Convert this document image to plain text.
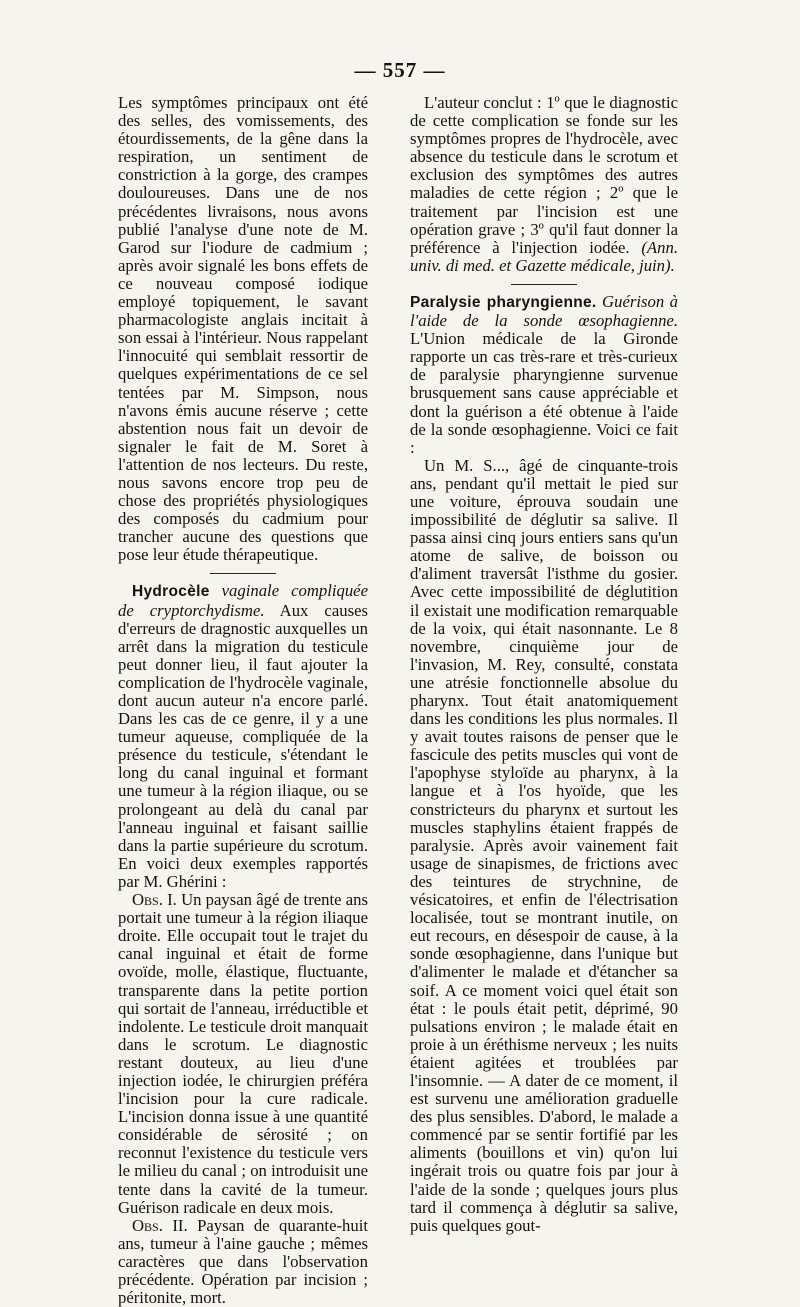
— 557 —

Les symptômes principaux ont été des selles, des vomissements, des étourdissements, de la gêne dans la respiration, un sentiment de constriction à la gorge, des crampes douloureuses. Dans une de nos précédentes livraisons, nous avons publié l'analyse d'une note de M. Garod sur l'iodure de cadmium ; après avoir signalé les bons effets de ce nouveau composé iodique employé topiquement, le savant pharmacologiste anglais incitait à son essai à l'intérieur. Nous rappelant l'innocuité qui semblait ressortir de quelques expérimentations de ce sel tentées par M. Simpson, nous n'avons émis aucune réserve ; cette abstention nous fait un devoir de signaler le fait de M. Soret à l'attention de nos lecteurs. Du reste, nous savons encore trop peu de chose des propriétés physiologiques des composés du cadmium pour trancher aucune des questions que pose leur étude thérapeutique.

Hydrocèle vaginale compliquée de cryptorchydisme. Aux causes d'erreurs de dragnostic auxquelles un arrêt dans la migration du testicule peut donner lieu, il faut ajouter la complication de l'hydrocèle vaginale, dont aucun auteur n'a encore parlé. Dans les cas de ce genre, il y a une tumeur aqueuse, compliquée de la présence du testicule, s'étendant le long du canal inguinal et formant une tumeur à la région iliaque, ou se prolongeant au delà du canal par l'anneau inguinal et faisant saillie dans la partie supérieure du scrotum. En voici deux exemples rapportés par M. Ghérini :

Obs. I. Un paysan âgé de trente ans portait une tumeur à la région iliaque droite. Elle occupait tout le trajet du canal inguinal et était de forme ovoïde, molle, élastique, fluctuante, transparente dans la petite portion qui sortait de l'anneau, irréductible et indolente. Le testicule droit manquait dans le scrotum. Le diagnostic restant douteux, au lieu d'une injection iodée, le chirurgien préféra l'incision pour la cure radicale. L'incision donna issue à une quantité considérable de sérosité ; on reconnut l'existence du testicule vers le milieu du canal ; on introduisit une tente dans la cavité de la tumeur. Guérison radicale en deux mois.

Obs. II. Paysan de quarante-huit ans, tumeur à l'aine gauche ; mêmes caractères que dans l'observation précédente. Opération par incision ; péritonite, mort.

L'auteur conclut : 1º que le diagnostic de cette complication se fonde sur les symptômes propres de l'hydrocèle, avec absence du testicule dans le scrotum et exclusion des symptômes des autres maladies de cette région ; 2º que le traitement par l'incision est une opération grave ; 3º qu'il faut donner la préférence à l'injection iodée. (Ann. univ. di med. et Gazette médicale, juin).

Paralysie pharyngienne. Guérison à l'aide de la sonde œsophagienne. L'Union médicale de la Gironde rapporte un cas très-rare et très-curieux de paralysie pharyngienne survenue brusquement sans cause appréciable et dont la guérison a été obtenue à l'aide de la sonde œsophagienne. Voici ce fait :

Un M. S..., âgé de cinquante-trois ans, pendant qu'il mettait le pied sur une voiture, éprouva soudain une impossibilité de déglutir sa salive. Il passa ainsi cinq jours entiers sans qu'un atome de salive, de boisson ou d'aliment traversât l'isthme du gosier. Avec cette impossibilité de déglutition il existait une modification remarquable de la voix, qui était nasonnante. Le 8 novembre, cinquième jour de l'invasion, M. Rey, consulté, constata une atrésie fonctionnelle absolue du pharynx. Tout était anatomiquement dans les conditions les plus normales. Il y avait toutes raisons de penser que le fascicule des petits muscles qui vont de l'apophyse styloïde au pharynx, à la langue et à l'os hyoïde, que les constricteurs du pharynx et surtout les muscles staphylins étaient frappés de paralysie. Après avoir vainement fait usage de sinapismes, de frictions avec des teintures de strychnine, de vésicatoires, et enfin de l'électrisation localisée, tout se montrant inutile, on eut recours, en désespoir de cause, à la sonde œsophagienne, dans l'unique but d'alimenter le malade et d'étancher sa soif. A ce moment voici quel était son état : le pouls était petit, déprimé, 90 pulsations environ ; le malade était en proie à un éréthisme nerveux ; les nuits étaient agitées et troublées par l'insomnie. — A dater de ce moment, il est survenu une amélioration graduelle des plus sensibles. D'abord, le malade a commencé par se sentir fortifié par les aliments (bouillons et vin) qu'on lui ingérait trois ou quatre fois par jour à l'aide de la sonde ; quelques jours plus tard il commença à déglutir sa salive, puis quelques gout-
